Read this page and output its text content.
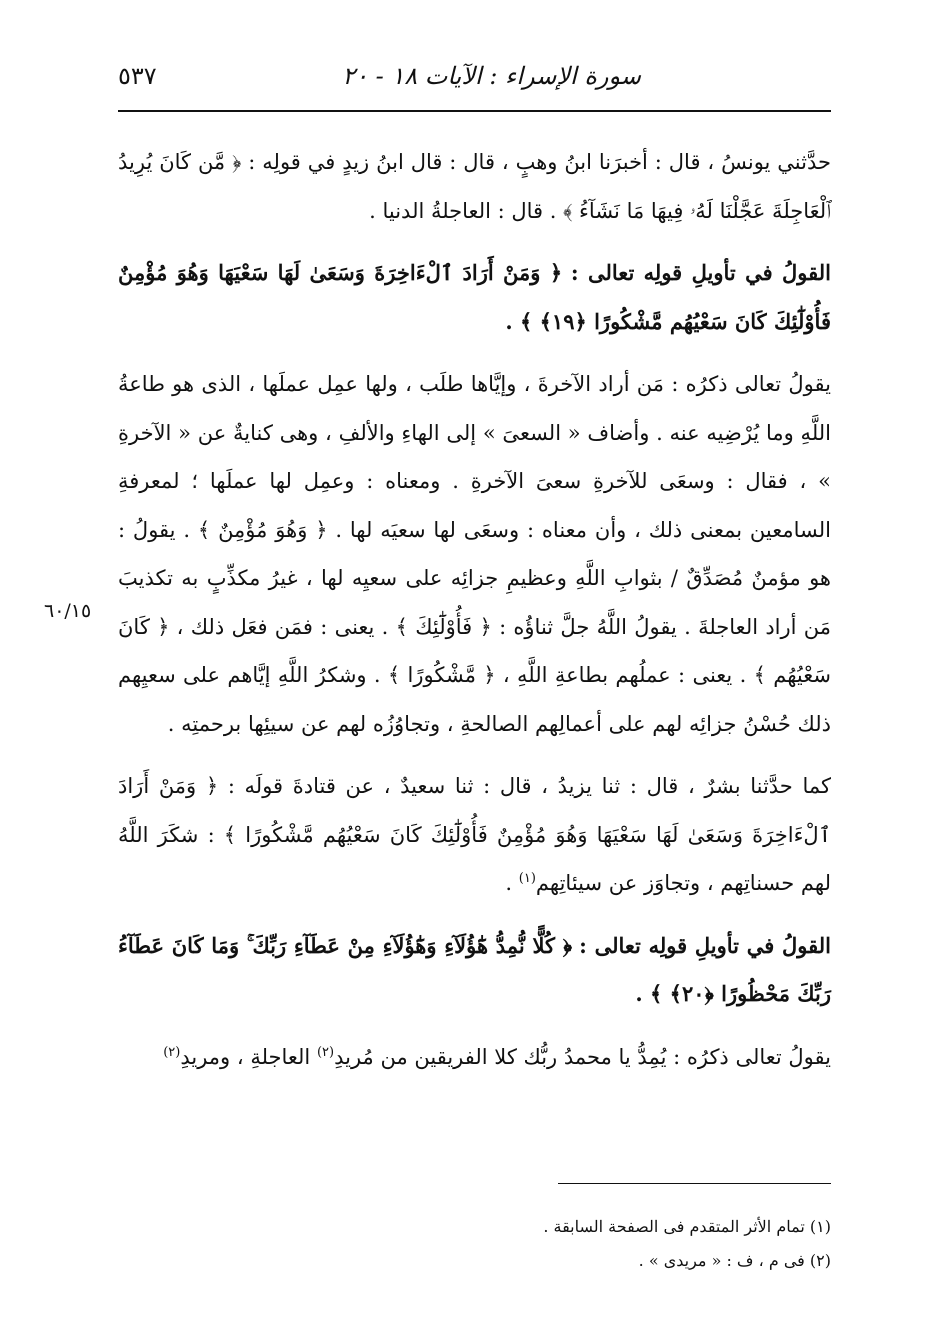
سورة الإسراء : الآيات ١٨ - ٢٠
٥٣٧
٦٠/١٥

حدَّثني يونسُ ، قال : أخبرَنا ابنُ وهبٍ ، قال : قال ابنُ زيدٍ في قولِه : ﴿ مَّن كَانَ يُرِيدُ ٱلْعَاجِلَةَ عَجَّلْنَا لَهُۥ فِيهَا مَا نَشَآءُ ﴾ . قال : العاجلةُ الدنيا .

القولُ في تأويلِ قولِه تعالى : ﴿ وَمَنْ أَرَادَ ٱلْءَاخِرَةَ وَسَعَىٰ لَهَا سَعْيَهَا وَهُوَ مُؤْمِنٌ فَأُوْلَٰٓئِكَ كَانَ سَعْيُهُم مَّشْكُورًا ﴿١٩﴾ ﴾ .

يقولُ تعالى ذكرُه : مَن أراد الآخرةَ ، وإيَّاها طلَب ، ولها عمِل عملَها ، الذى هو طاعةُ اللَّهِ وما يُرْضِيه عنه . وأضاف « السعىَ » إلى الهاءِ والألفِ ، وهى كنايةٌ عن « الآخرةِ » ، فقال : وسعَى للآخرةِ سعىَ الآخرةِ . ومعناه : وعمِل لها عملَها ؛ لمعرفةِ السامعين بمعنى ذلك ، وأن معناه : وسعَى لها سعيَه لها . ﴿ وَهُوَ مُؤْمِنٌ ﴾ . يقولُ : هو مؤمنٌ مُصَدِّقٌ / بثوابِ اللَّهِ وعظيمِ جزائِه على سعيِه لها ، غيرُ مكذِّبٍ به تكذيبَ مَن أراد العاجلةَ . يقولُ اللَّهُ جلَّ ثناؤُه : ﴿ فَأُوْلَٰٓئِكَ ﴾ . يعنى : فمَن فعَل ذلك ، ﴿ كَانَ سَعْيُهُم ﴾ . يعنى : عملُهم بطاعةِ اللَّهِ ، ﴿ مَّشْكُورًا ﴾ . وشكرُ اللَّهِ إيَّاهم على سعيِهم ذلك حُسْنُ جزائِه لهم على أعمالِهم الصالحةِ ، وتجاوُزُه لهم عن سيئِها برحمتِه .

كما حدَّثنا بشرٌ ، قال : ثنا يزيدُ ، قال : ثنا سعيدٌ ، عن قتادةَ قولَه : ﴿ وَمَنْ أَرَادَ ٱلْءَاخِرَةَ وَسَعَىٰ لَهَا سَعْيَهَا وَهُوَ مُؤْمِنٌ فَأُوْلَٰٓئِكَ كَانَ سَعْيُهُم مَّشْكُورًا ﴾ : شكَرَ اللَّهُ لهم حسناتِهم ، وتجاوَز عن سيئاتِهم$^{(١)}$ .

القولُ في تأويلِ قولِه تعالى : ﴿ كُلًّا نُّمِدُّ هَٰٓؤُلَآءِ وَهَٰٓؤُلَآءِ مِنْ عَطَآءِ رَبِّكَ ۚ وَمَا كَانَ عَطَآءُ رَبِّكَ مَحْظُورًا ﴿٢٠﴾ ﴾ .

يقولُ تعالى ذكرُه : يُمِدُّ يا محمدُ ربُّك كلا الفريقين من مُريدِ$^{(٢)}$ العاجلةِ ، ومريدِ$^{(٢)}$

(١) تمام الأثر المتقدم فى الصفحة السابقة .

(٢) فى م ، ف : « مريدى » .
